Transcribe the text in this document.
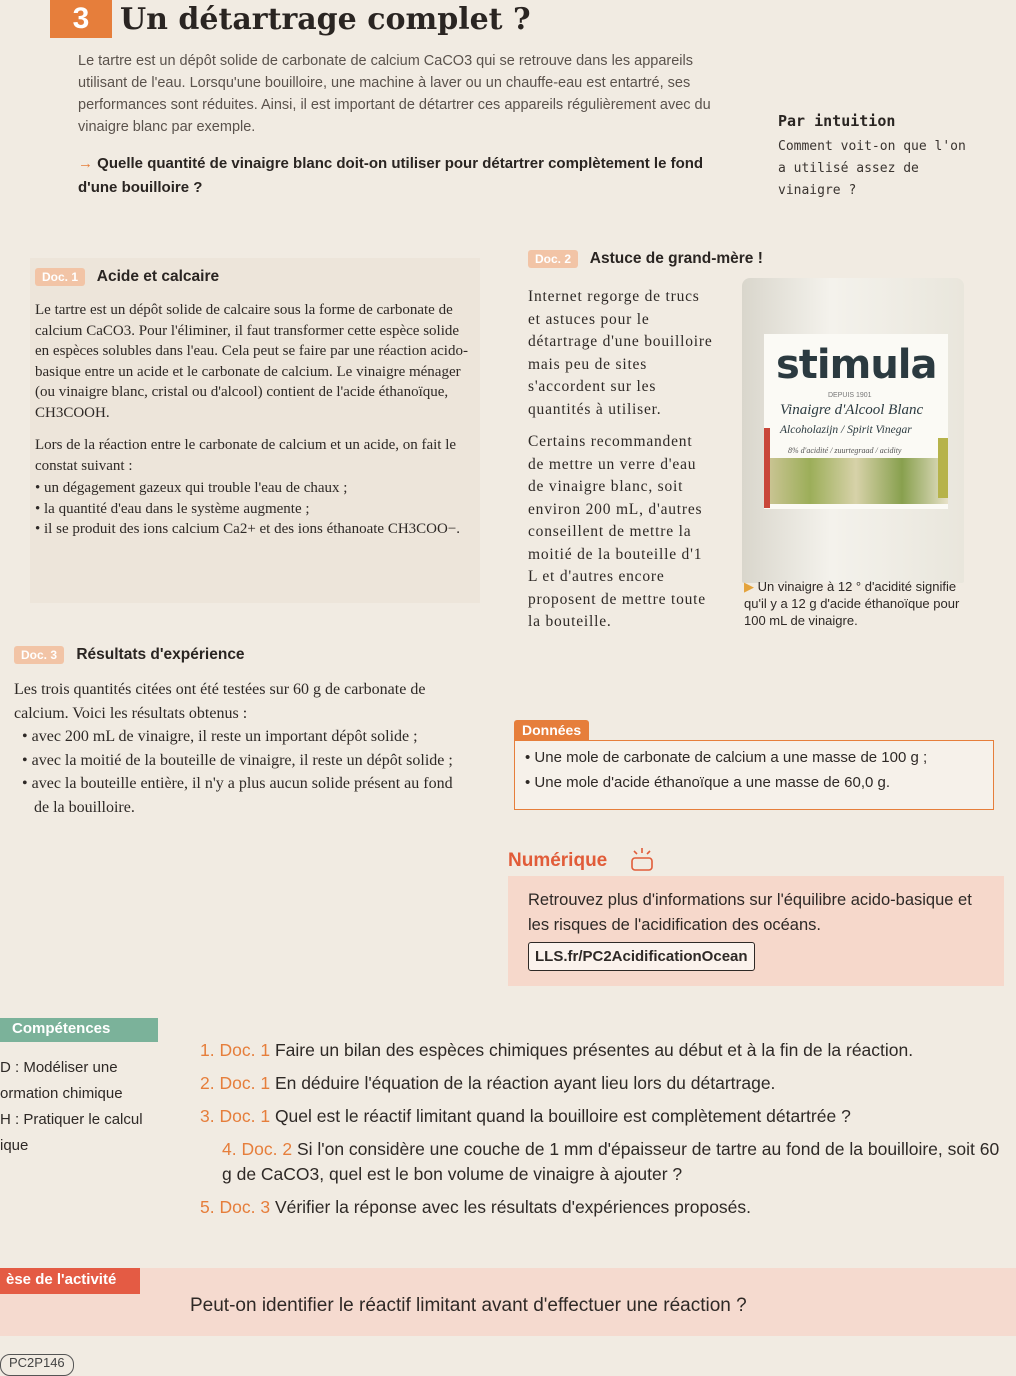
3	Un détartrage complet ?
Le tartre est un dépôt solide de carbonate de calcium CaCO3 qui se retrouve dans les appareils utilisant de l'eau. Lorsqu'une bouilloire, une machine à laver ou un chauffe-eau est entartré, ses performances sont réduites. Ainsi, il est important de détartrer ces appareils régulièrement avec du vinaigre blanc par exemple.
→ Quelle quantité de vinaigre blanc doit-on utiliser pour détartrer complètement le fond d'une bouilloire ?
Par intuition
Comment voit-on que l'on a utilisé assez de vinaigre ?
Doc. 1 Acide et calcaire

Le tartre est un dépôt solide de calcaire sous la forme de carbonate de calcium CaCO3. Pour l'éliminer, il faut transformer cette espèce solide en espèces solubles dans l'eau. Cela peut se faire par une réaction acido-basique entre un acide et le carbonate de calcium. Le vinaigre ménager (ou vinaigre blanc, cristal ou d'alcool) contient de l'acide éthanoïque, CH3COOH.

Lors de la réaction entre le carbonate de calcium et un acide, on fait le constat suivant :

• un dégagement gazeux qui trouble l'eau de chaux ;
• la quantité d'eau dans le système augmente ;
• il se produit des ions calcium Ca2+ et des ions éthanoate CH3COO−.
Doc. 2 Astuce de grand-mère !

Internet regorge de trucs et astuces pour le détartrage d'une bouilloire mais peu de sites s'accordent sur les quantités à utiliser.

Certains recommandent de mettre un verre d'eau de vinaigre blanc, soit environ 200 mL, d'autres conseillent de mettre la moitié de la bouteille d'1 L et d'autres encore proposent de mettre toute la bouteille.

stimula
DEPUIS 1901
Vinaigre d'Alcool Blanc
Alcoholazijn / Spirit Vinegar
8% d'acidité / zuurtegraad / acidity
▶ Un vinaigre à 12 ° d'acidité signifie qu'il y a 12 g d'acide éthanoïque pour 100 mL de vinaigre.
Doc. 3 Résultats d'expérience

Les trois quantités citées ont été testées sur 60 g de carbonate de calcium. Voici les résultats obtenus :

• avec 200 mL de vinaigre, il reste un important dépôt solide ;
• avec la moitié de la bouteille de vinaigre, il reste un dépôt solide ;
• avec la bouteille entière, il n'y a plus aucun solide présent au fond de la bouilloire.
Données
• Une mole de carbonate de calcium a une masse de 100 g ;
• Une mole d'acide éthanoïque a une masse de 60,0 g.
Numérique
Retrouvez plus d'informations sur l'équilibre acido-basique et les risques de l'acidification des océans.
LLS.fr/PC2AcidificationOcean
Compétences
D : Modéliser une
ormation chimique
H : Pratiquer le calcul
ique
1. Doc. 1 Faire un bilan des espèces chimiques présentes au début et à la fin de la réaction.
2. Doc. 1 En déduire l'équation de la réaction ayant lieu lors du détartrage.
3. Doc. 1 Quel est le réactif limitant quand la bouilloire est complètement détartrée ?
4. Doc. 2 Si l'on considère une couche de 1 mm d'épaisseur de tartre au fond de la bouilloire, soit 60 g de CaCO3, quel est le bon volume de vinaigre à ajouter ?
5. Doc. 3 Vérifier la réponse avec les résultats d'expériences proposés.
èse de l'activité
Peut-on identifier le réactif limitant avant d'effectuer une réaction ?
PC2P146
